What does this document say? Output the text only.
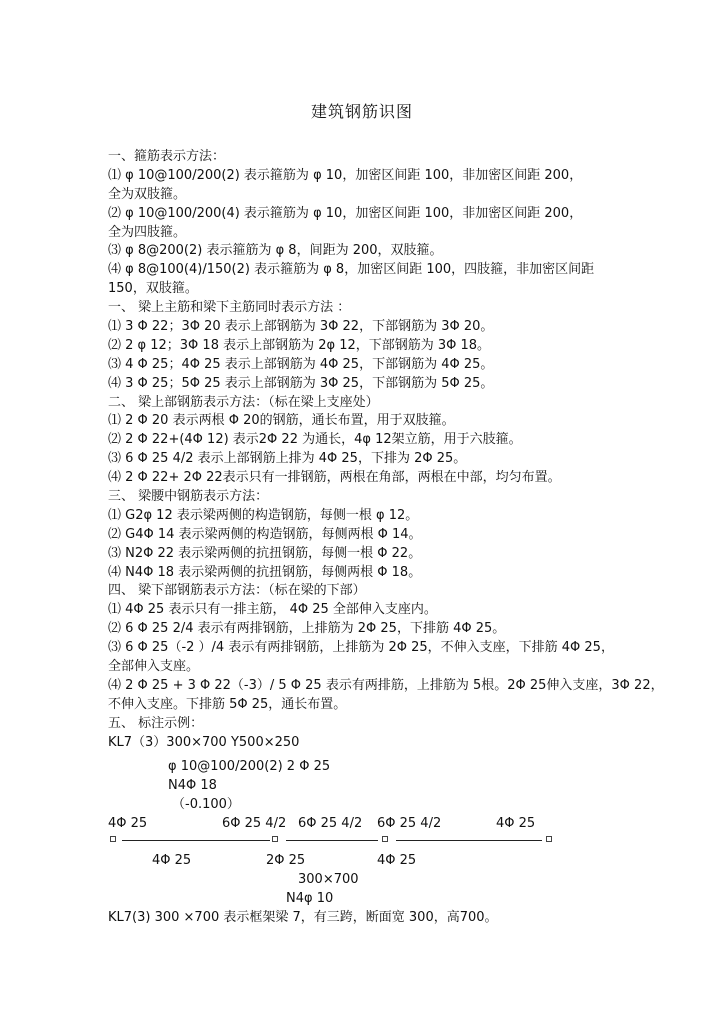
建筑钢筋识图
一、箍筋表示方法：
⑴ φ 10@100/200(2) 表示箍筋为 φ 10，加密区间距 100，非加密区间距 200，
全为双肢箍。
⑵ φ 10@100/200(4) 表示箍筋为 φ 10，加密区间距 100，非加密区间距 200，
全为四肢箍。
⑶ φ 8@200(2) 表示箍筋为 φ 8，间距为 200，双肢箍。
⑷ φ 8@100(4)/150(2) 表示箍筋为 φ 8，加密区间距 100，四肢箍，非加密区间距
150，双肢箍。
一、 梁上主筋和梁下主筋同时表示方法 ：
⑴ 3 Φ 22；3Φ 20 表示上部钢筋为 3Φ 22，下部钢筋为 3Φ 20。
⑵ 2 φ 12；3Φ 18 表示上部钢筋为 2φ 12，下部钢筋为 3Φ 18。
⑶ 4 Φ 25；4Φ 25 表示上部钢筋为 4Φ 25，下部钢筋为 4Φ 25。
⑷ 3 Φ 25；5Φ 25 表示上部钢筋为 3Φ 25，下部钢筋为 5Φ 25。
二、 梁上部钢筋表示方法：（标在梁上支座处）
⑴ 2 Φ 20 表示两根 Φ 20的钢筋，通长布置，用于双肢箍。
⑵ 2 Φ 22+(4Φ 12) 表示2Φ 22 为通长，4φ 12架立筋，用于六肢箍。
⑶ 6 Φ 25 4/2 表示上部钢筋上排为 4Φ 25，下排为 2Φ 25。
⑷ 2 Φ 22+ 2Φ 22表示只有一排钢筋，两根在角部，两根在中部，均匀布置。
三、 梁腰中钢筋表示方法：
⑴ G2φ 12 表示梁两侧的构造钢筋，每侧一根 φ 12。
⑵ G4Φ 14 表示梁两侧的构造钢筋，每侧两根 Φ 14。
⑶ N2Φ 22 表示梁两侧的抗扭钢筋，每侧一根 Φ 22。
⑷ N4Φ 18 表示梁两侧的抗扭钢筋，每侧两根 Φ 18。
四、 梁下部钢筋表示方法：（标在梁的下部）
⑴ 4Φ 25 表示只有一排主筋， 4Φ 25 全部伸入支座内。
⑵ 6 Φ 25 2/4 表示有两排钢筋，上排筋为 2Φ 25，下排筋 4Φ 25。
⑶ 6 Φ 25（-2 ）/4 表示有两排钢筋，上排筋为 2Φ 25，不伸入支座，下排筋 4Φ 25，
全部伸入支座。
⑷ 2 Φ 25 + 3 Φ 22（-3）/ 5 Φ 25 表示有两排筋，上排筋为 5根。2Φ 25伸入支座，3Φ 22，
不伸入支座。下排筋 5Φ 25，通长布置。
五、 标注示例：
KL7（3）300×700 Y500×250
φ 10@100/200(2) 2 Φ 25
N4Φ 18
（-0.100）
4Φ 25	6Φ 25 4/2 6Φ 25 4/2 6Φ 25 4/2	4Φ 25
4Φ 25	2Φ 25	4Φ 25
300×700
N4φ 10
KL7(3) 300 ×700 表示框架梁 7，有三跨，断面宽 300，高700。
